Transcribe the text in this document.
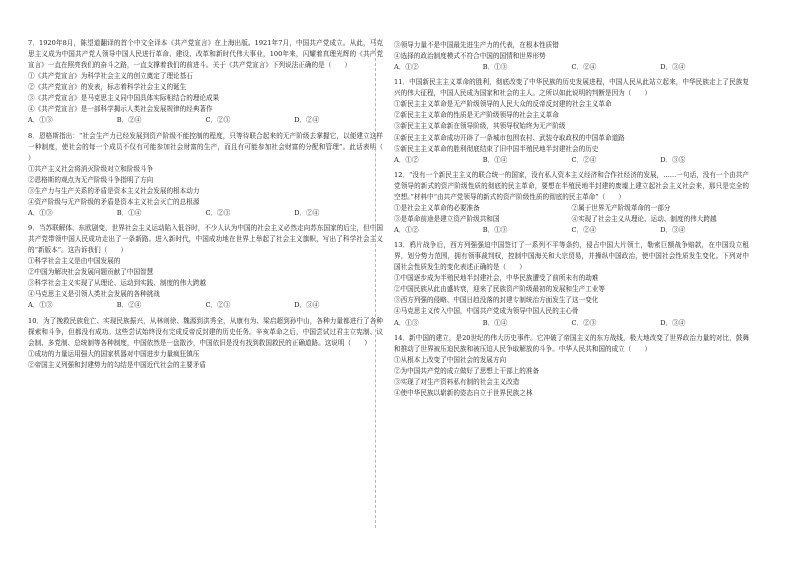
7．1920年8月，陈望道翻译的首个中文全译本《共产党宣言》在上海出版。1921年7月，中国共产党成立。从此，马克思主义成为中国共产党人领导中国人民进行革命、建设、改革和新时代伟大事业，100年来，闪耀着真理光辉的《共产党宣言》一直在照亮我们的奋斗之路，一直支撑着我们的前进斗。关于《共产党宣言》下列说法正确的是（　　）

①《共产党宣言》为科学社会主义的创立奠定了理论基石

②《共产党宣言》的发表，标志着科学社会主义的诞生

③《共产党宣言》是马克思主义同中国具体实际相结合的理论成果

④《共产党宣言》是一部科学揭示人类社会发展规律的经典著作

A．①③	B．②④	C．②③	D．②④

8．恩格斯指出：“社会生产力已经发展到资产阶级不能控制的程度，只等待联合起来的无产阶级去掌握它，以便建立这样一种制度，使社会的每一个成员不仅有可能参加社会财富的生产，而且有可能参加社会财富的分配和管理”。此话表明（　　）

①共产主义社会将消灭阶级对立和阶级斗争

②恩格斯的观点为无产阶级斗争指明了方向

③生产力与生产关系的矛盾是资本主义社会发展的根本动力

④资产阶级与无产阶级的矛盾是资本主义社会灭亡的总根源

A．①③	B．①④	C．②③	D．②④

9．当苏联解体、东欧剧变，世界社会主义运动陷入低谷时，不少人认为中国的社会主义必然走向苏东国家的后尘，但中国共产党带领中国人民成功走出了一条新路。进入新时代，中国成功地在世界上举起了社会主义旗帜，写出了科学社会主义的“新版本”。这告诉我们（　　）

①科学社会主义是由中国发展的

②中国为解决社会发展问题贡献了中国智慧

③科学社会主义实现了从理论、运动到实践、制度的伟大跨越

④马克思主义是引领人类社会发展的各种挑战

A．①③	B．②④	C．②③	D．③④

10．为了挽救民族危亡、实现民族振兴，从林则徐、魏源到洪秀全，从康有为、梁启超到孙中山，各种力量都进行了各种探索和斗争，但都没有成功。这些尝试始终没有完成反帝反封建的历史任务。辛亥革命之后，中国尝试过君主立宪制、议会制、多党制、总统制等各种制度，中国依然是一盘散沙，中国依旧是没有找到救国救民的正确道路。这说明（　　）

①成功的力量运用强大的国家机器对中国进步力量疯狂镇压

②帝国主义列强和封建势力的勾结是中国近代社会的主要矛盾

③领导力量不是中国最先进生产力的代表，在根本性质错

④选择的政治制度模式不符合中国的国情和世界形势

A．①②	B．①③	C．②④	D．③④

11．中国新民主主义革命的胜利，彻底改变了中华民族的历史发展进程，中国人民从此站立起来，中华民族走上了民族复兴的伟大征程，中国人民成为国家和社会的主人。之所以如此说明的判断是因为（　　）

①新民主主义革命是无产阶级领导的人民大众的反帝反封建的社会主义革命

②新民主主义革命的性质是无产阶级领导的社会主义革命

③新民主主义革命新在领导阶级，其领导权始终为无产阶级

④新民主主义革命成功开辟了一条城市包围农村、武装夺取政权的中国革命道路

⑤新民主主义革命的胜利彻底结束了旧中国半殖民地半封建社会的历史

A．①②	B．①④	C．②④	D．③⑤

12．“没有一个新民主主义的联合统一的国家，没有私人资本主义经济和合作社经济的发展，……一句话，没有一个由共产党领导的新式的资产阶级性质的彻底的民主革命，要想在半殖民地半封建的废墟上建立起社会主义社会来，那只是完全的空想。”材料中“由共产党领导的新式的资产阶级性质的彻底的民主革命”（　　）

①是社会主义革命的必要准备	②属于世界无产阶级革命的一部分
③是革命前途是建立资产阶级共和国	④实现了社会主义从理论、运动、制度的伟大跨越
A．①②	B．①③	C．②④	D．③④

13．鸦片战争后，西方列强强迫中国签订了一系列不平等条约，侵占中国大片领土，勒索巨额战争赔款，在中国设立租界，划分势力范围，拥有领事裁判权，控制中国海关和大宗贸易，并操纵中国政治，使中国社会性质发生变化。下列对中国社会性质发生的变化表述正确的是（　　）

①中国逐步成为半殖民地半封建社会，中华民族遭受了前所未有的劫难

②中国民族从此由盛转衰，迎来了民族资产阶级最初的发展和生产工业等

③西方列强的侵略、中国日趋没落的封建专制统治方面发生了这一变化

④马克思主义传入中国，中国共产党成为领导中国人民的主心骨

A．①③	B．①④	C．②③	D．③④

14．新中国的建立，是20世纪的伟大历史事件。它冲破了帝国主义的东方战线，极大地改变了世界政治力量的对比，鼓舞和推动了世界被压迫民族和被压迫人民争取解放的斗争。中华人民共和国的成立（　　）

①从根本上改变了中国社会的发展方向

②为中国共产党的成立做好了思想上干部上的准备

③实现了对生产资料私有制的社会主义改造

④使中华民族以崭新的姿态自立于世界民族之林
